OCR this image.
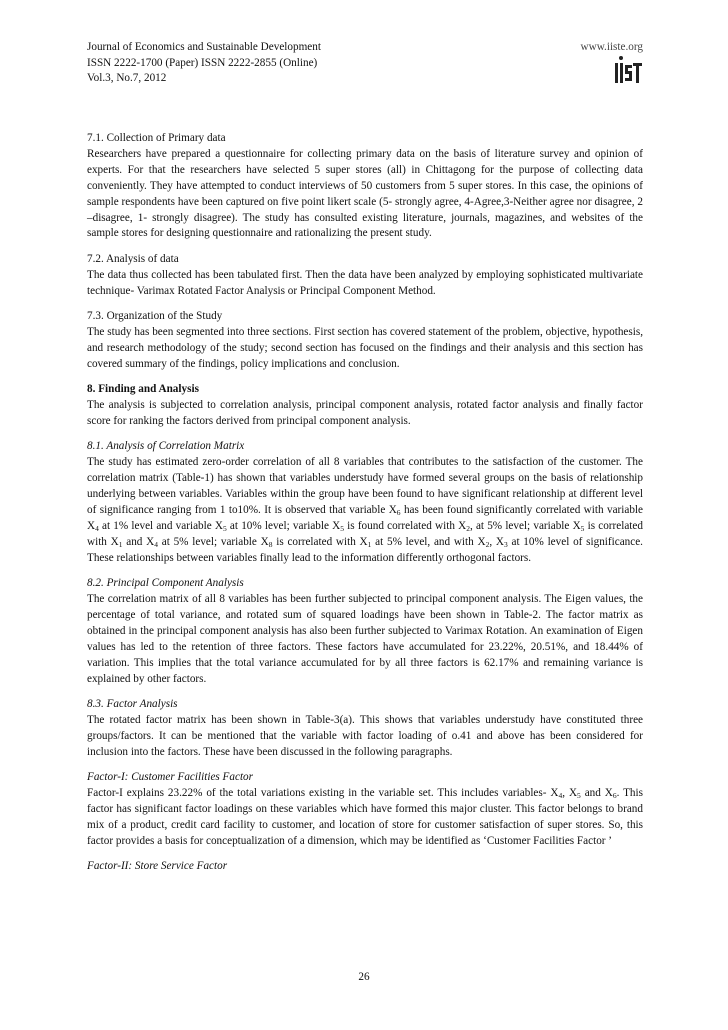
Journal of Economics and Sustainable Development
ISSN 2222-1700 (Paper) ISSN 2222-2855 (Online)
Vol.3, No.7, 2012
www.iiste.org

7.1. Collection of Primary data
Researchers have prepared a questionnaire for collecting primary data on the basis of literature survey and opinion of experts. For that the researchers have selected 5 super stores (all) in Chittagong for the purpose of collecting data conveniently. They have attempted to conduct interviews of 50 customers from 5 super stores. In this case, the opinions of sample respondents have been captured on five point likert scale (5- strongly agree, 4-Agree,3-Neither agree nor disagree, 2 –disagree, 1- strongly disagree). The study has consulted existing literature, journals, magazines, and websites of the sample stores for designing questionnaire and rationalizing the present study.

7.2. Analysis of data
The data thus collected has been tabulated first. Then the data have been analyzed by employing sophisticated multivariate technique- Varimax Rotated Factor Analysis or Principal Component Method.

7.3. Organization of the Study
The study has been segmented into three sections. First section has covered statement of the problem, objective, hypothesis, and research methodology of the study; second section has focused on the findings and their analysis and this section has covered summary of the findings, policy implications and conclusion.

8. Finding and Analysis
The analysis is subjected to correlation analysis, principal component analysis, rotated factor analysis and finally factor score for ranking the factors derived from principal component analysis.

8.1. Analysis of Correlation Matrix
The study has estimated zero-order correlation of all 8 variables that contributes to the satisfaction of the customer. The correlation matrix (Table-1) has shown that variables understudy have formed several groups on the basis of relationship underlying between variables. Variables within the group have been found to have significant relationship at different level of significance ranging from 1 to10%. It is observed that variable $X_6$ has been found significantly correlated with variable $X_4$ at 1% level and variable $X_5$ at 10% level; variable $X_5$ is found correlated with $X_2$, at 5% level; variable $X_5$ is correlated with $X_1$ and $X_4$ at 5% level; variable $X_8$ is correlated with $X_1$ at 5% level, and with $X_2$, $X_3$ at 10% level of significance. These relationships between variables finally lead to the information differently orthogonal factors.

8.2. Principal Component Analysis
The correlation matrix of all 8 variables has been further subjected to principal component analysis. The Eigen values, the percentage of total variance, and rotated sum of squared loadings have been shown in Table-2. The factor matrix as obtained in the principal component analysis has also been further subjected to Varimax Rotation. An examination of Eigen values has led to the retention of three factors. These factors have accumulated for 23.22%, 20.51%, and 18.44% of variation. This implies that the total variance accumulated for by all three factors is 62.17% and remaining variance is explained by other factors.

8.3. Factor Analysis
The rotated factor matrix has been shown in Table-3(a). This shows that variables understudy have constituted three groups/factors. It can be mentioned that the variable with factor loading of o.41 and above has been considered for inclusion into the factors. These have been discussed in the following paragraphs.

Factor-I: Customer Facilities Factor
Factor-I explains 23.22% of the total variations existing in the variable set. This includes variables- $X_4$, $X_5$ and $X_6$. This factor has significant factor loadings on these variables which have formed this major cluster. This factor belongs to brand mix of a product, credit card facility to customer, and location of store for customer satisfaction of super stores. So, this factor provides a basis for conceptualization of a dimension, which may be identified as ‘Customer Facilities Factor ’

Factor-II: Store Service Factor

26
